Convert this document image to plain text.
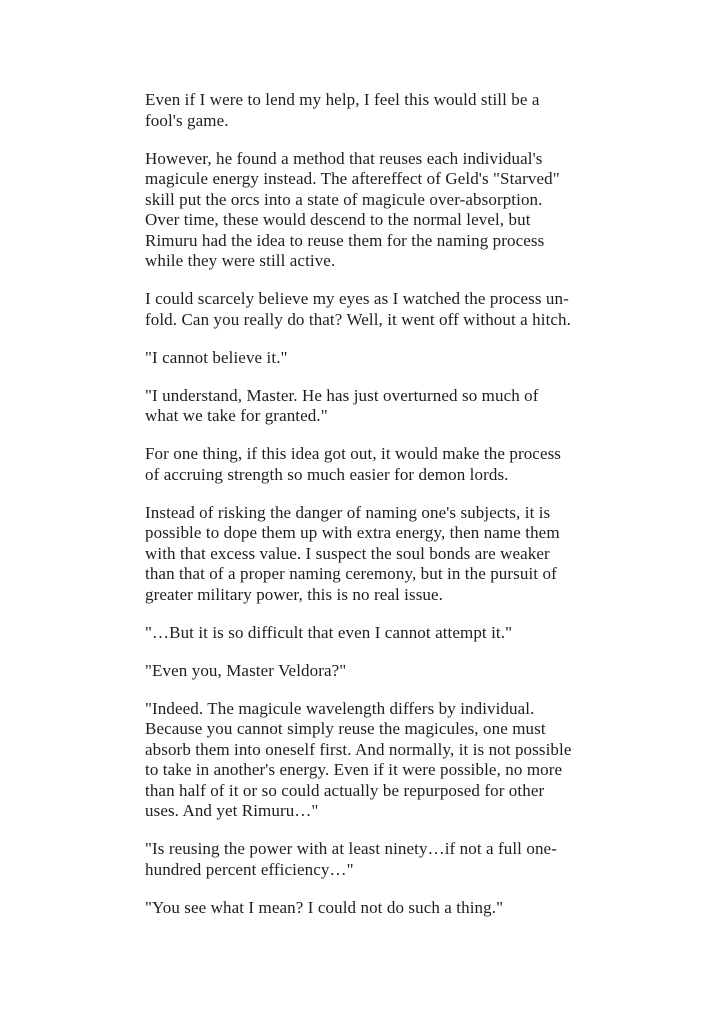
Even if I were to lend my help, I feel this would still be a
fool's game.
However, he found a method that reuses each individual's
magicule energy instead. The aftereffect of Geld's "Starved"
skill put the orcs into a state of magicule over-absorption.
Over time, these would descend to the normal level, but
Rimuru had the idea to reuse them for the naming process
while they were still active.
I could scarcely believe my eyes as I watched the process un-
fold. Can you really do that? Well, it went off without a hitch.
"I cannot believe it."
"I understand, Master. He has just overturned so much of
what we take for granted."
For one thing, if this idea got out, it would make the process
of accruing strength so much easier for demon lords.
Instead of risking the danger of naming one's subjects, it is
possible to dope them up with extra energy, then name them
with that excess value. I suspect the soul bonds are weaker
than that of a proper naming ceremony, but in the pursuit of
greater military power, this is no real issue.
"…But it is so difficult that even I cannot attempt it."
"Even you, Master Veldora?"
"Indeed. The magicule wavelength differs by individual.
Because you cannot simply reuse the magicules, one must
absorb them into oneself first. And normally, it is not possible
to take in another's energy. Even if it were possible, no more
than half of it or so could actually be repurposed for other
uses. And yet Rimuru…"
"Is reusing the power with at least ninety…if not a full one-
hundred percent efficiency…"
"You see what I mean? I could not do such a thing."
